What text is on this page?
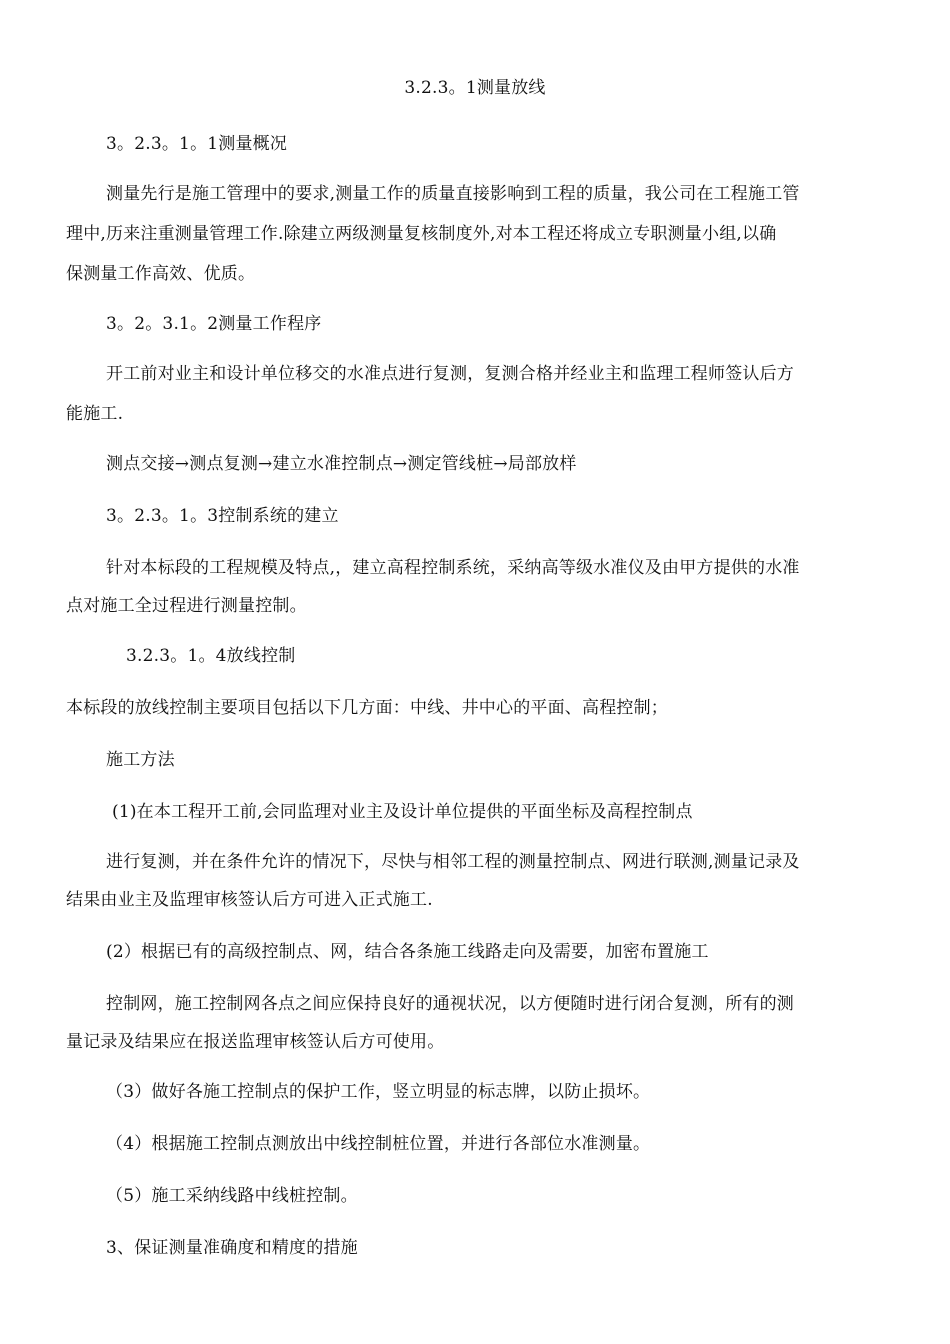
3.2.3。1测量放线
3。2.3。1。1测量概况
测量先行是施工管理中的要求,测量工作的质量直接影响到工程的质量，我公司在工程施工管
理中,历来注重测量管理工作.除建立两级测量复核制度外,对本工程还将成立专职测量小组,以确
保测量工作高效、优质。
3。2。3.1。2测量工作程序
开工前对业主和设计单位移交的水准点进行复测，复测合格并经业主和监理工程师签认后方
能施工.
测点交接→测点复测→建立水准控制点→测定管线桩→局部放样
3。2.3。1。3控制系统的建立
针对本标段的工程规模及特点,，建立高程控制系统，采纳高等级水准仪及由甲方提供的水准
点对施工全过程进行测量控制。
3.2.3。1。4放线控制
本标段的放线控制主要项目包括以下几方面：中线、井中心的平面、高程控制；
施工方法
(1)在本工程开工前,会同监理对业主及设计单位提供的平面坐标及高程控制点
进行复测，并在条件允许的情况下，尽快与相邻工程的测量控制点、网进行联测,测量记录及
结果由业主及监理审核签认后方可进入正式施工.
(2）根据已有的高级控制点、网，结合各条施工线路走向及需要，加密布置施工
控制网，施工控制网各点之间应保持良好的通视状况，以方便随时进行闭合复测，所有的测
量记录及结果应在报送监理审核签认后方可使用。
（3）做好各施工控制点的保护工作，竖立明显的标志牌，以防止损坏。
（4）根据施工控制点测放出中线控制桩位置，并进行各部位水准测量。
（5）施工采纳线路中线桩控制。
3、保证测量准确度和精度的措施
